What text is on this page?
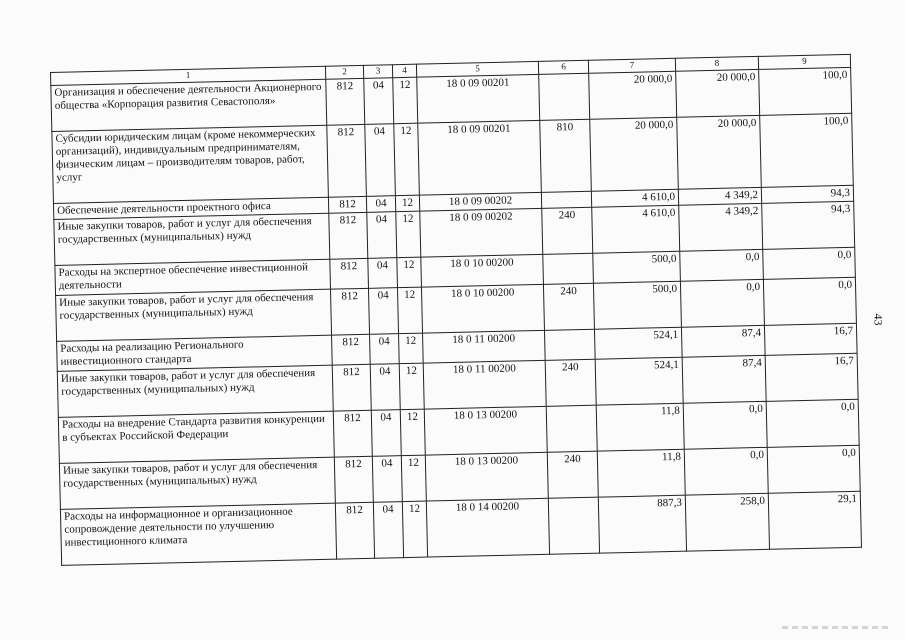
1	2	3	4	5	6	7	8	9
Организация и обеспечение деятельности Акционерного общества «Корпорация развития Севастополя»	812	04	12	18 0 09 00201		20 000,0	20 000,0	100,0
Субсидии юридическим лицам (кроме некоммерческих организаций), индивидуальным предпринимателям, физическим лицам – производителям товаров, работ, услуг	812	04	12	18 0 09 00201	810	20 000,0	20 000,0	100,0
Обеспечение деятельности проектного офиса	812	04	12	18 0 09 00202		4 610,0	4 349,2	94,3
Иные закупки товаров, работ и услуг для обеспечения государственных (муниципальных) нужд	812	04	12	18 0 09 00202	240	4 610,0	4 349,2	94,3
Расходы на экспертное обеспечение инвестиционной деятельности	812	04	12	18 0 10 00200		500,0	0,0	0,0
Иные закупки товаров, работ и услуг для обеспечения государственных (муниципальных) нужд	812	04	12	18 0 10 00200	240	500,0	0,0	0,0
Расходы на реализацию Регионального инвестиционного стандарта	812	04	12	18 0 11 00200		524,1	87,4	16,7
Иные закупки товаров, работ и услуг для обеспечения государственных (муниципальных) нужд	812	04	12	18 0 11 00200	240	524,1	87,4	16,7
Расходы на внедрение Стандарта развития конкуренции в субъектах Российской Федерации	812	04	12	18 0 13 00200		11,8	0,0	0,0
Иные закупки товаров, работ и услуг для обеспечения государственных (муниципальных) нужд	812	04	12	18 0 13 00200	240	11,8	0,0	0,0
Расходы на информационное и организационное сопровождение деятельности по улучшению инвестиционного климата	812	04	12	18 0 14 00200		887,3	258,0	29,1
43
